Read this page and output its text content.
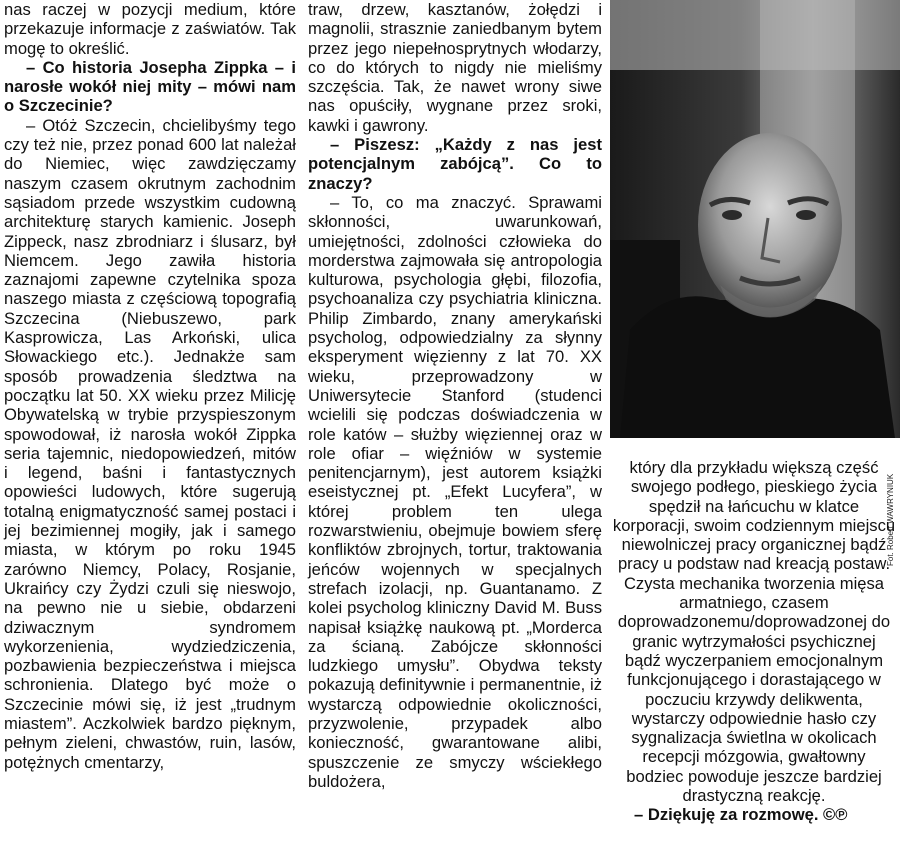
nas raczej w pozycji medium, które przekazuje informacje z zaświatów. Tak mogę to określić.

– Co historia Josepha Zippka – i narosłe wokół niej mity – mówi nam o Szczecinie?

– Otóż Szczecin, chcielibyśmy tego czy też nie, przez ponad 600 lat należał do Niemiec, więc zawdzięczamy naszym czasem okrutnym zachodnim sąsiadom przede wszystkim cudowną architekturę starych kamienic. Joseph Zippeck, nasz zbrodniarz i ślusarz, był Niemcem. Jego zawiła historia zaznajomi zapewne czytelnika spoza naszego miasta z częściową topografią Szczecina (Niebuszewo, park Kasprowicza, Las Arkoński, ulica Słowackiego etc.). Jednakże sam sposób prowadzenia śledztwa na początku lat 50. XX wieku przez Milicję Obywatelską w trybie przyspieszonym spowodował, iż narosła wokół Zippka seria tajemnic, niedopowiedzeń, mitów i legend, baśni i fantastycznych opowieści ludowych, które sugerują totalną enigmatyczność samej postaci i jej bezimiennej mogiły, jak i samego miasta, w którym po roku 1945 zarówno Niemcy, Polacy, Rosjanie, Ukraińcy czy Żydzi czuli się nieswojo, na pewno nie u siebie, obdarzeni dziwacznym syndromem wykorzenienia, wydziedziczenia, pozbawienia bezpieczeństwa i miejsca schronienia. Dlatego być może o Szczecinie mówi się, iż jest „trudnym miastem”. Aczkolwiek bardzo pięknym, pełnym zieleni, chwastów, ruin, lasów, potężnych cmentarzy,

traw, drzew, kasztanów, żołędzi i magnolii, strasznie zaniedbanym bytem przez jego niepełnosprytnych włodarzy, co do których to nigdy nie mieliśmy szczęścia. Tak, że nawet wrony siwe nas opuściły, wygnane przez sroki, kawki i gawrony.

– Piszesz: „Każdy z nas jest potencjalnym zabójcą”. Co to znaczy?

– To, co ma znaczyć. Sprawami skłonności, uwarunkowań, umiejętności, zdolności człowieka do morderstwa zajmowała się antropologia kulturowa, psychologia głębi, filozofia, psychoanaliza czy psychiatria kliniczna. Philip Zimbardo, znany amerykański psycholog, odpowiedzialny za słynny eksperyment więzienny z lat 70. XX wieku, przeprowadzony w Uniwersytecie Stanford (studenci wcielili się podczas doświadczenia w role katów – służby więziennej oraz w role ofiar – więźniów w systemie penitencjarnym), jest autorem książki eseistycznej pt. „Efekt Lucyfera”, w której problem ten ulega rozwarstwieniu, obejmuje bowiem sferę konfliktów zbrojnych, tortur, traktowania jeńców wojennych w specjalnych strefach izolacji, np. Guantanamo. Z kolei psycholog kliniczny David M. Buss napisał książkę naukową pt. „Morderca za ścianą. Zabójcze skłonności ludzkiego umysłu”. Obydwa teksty pokazują definitywnie i permanentnie, iż wystarczą odpowiednie okoliczności, przyzwolenie, przypadek albo konieczność, gwarantowane alibi, spuszczenie ze smyczy wściekłego buldożera,

Fot. Robert WAWRYNIUK

który dla przykładu większą część swojego podłego, pieskiego życia spędził na łańcuchu w klatce korporacji, swoim codziennym miejscu niewolniczej pracy organicznej bądź pracy u podstaw nad kreacją postaw. Czysta mechanika tworzenia mięsa armatniego, czasem doprowadzonemu/doprowadzonej do granic wytrzymałości psychicznej bądź wyczerpaniem emocjonalnym funkcjonującego i dorastającego w poczuciu krzywdy delikwenta, wystarczy odpowiednie hasło czy sygnalizacja świetlna w okolicach recepcji mózgowia, gwałtowny bodziec powoduje jeszcze bardziej drastyczną reakcję.

– Dziękuję za rozmowę. ©℗
